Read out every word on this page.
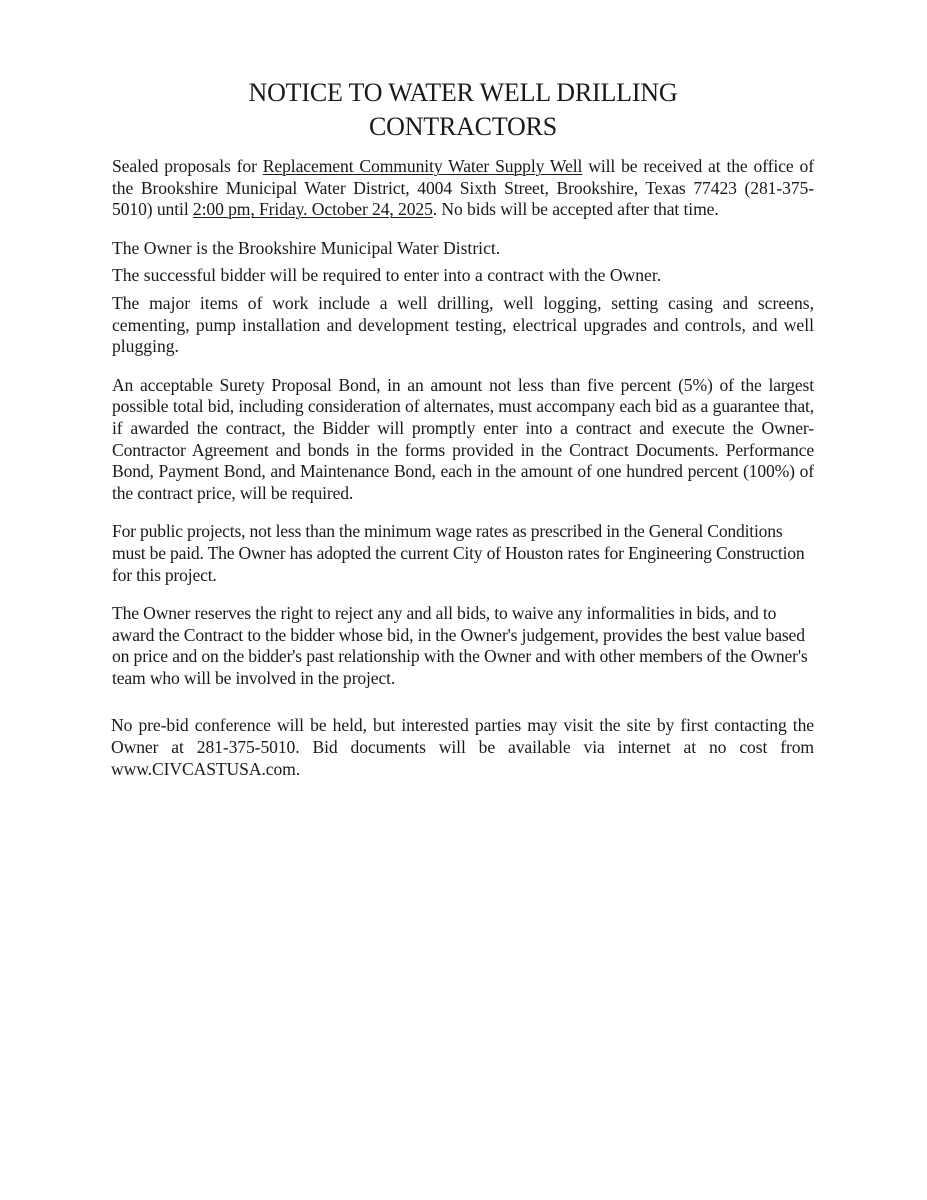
NOTICE TO WATER WELL DRILLING
CONTRACTORS

Sealed proposals for Replacement Community Water Supply Well will be received at the office of the Brookshire Municipal Water District, 4004 Sixth Street, Brookshire, Texas 77423 (281-375-5010) until 2:00 pm, Friday. October 24, 2025. No bids will be accepted after that time.

The Owner is the Brookshire Municipal Water District.

The successful bidder will be required to enter into a contract with the Owner.

The major items of work include a well drilling, well logging, setting casing and screens, cementing, pump installation and development testing, electrical upgrades and controls, and well plugging.

An acceptable Surety Proposal Bond, in an amount not less than five percent (5%) of the largest possible total bid, including consideration of alternates, must accompany each bid as a guarantee that, if awarded the contract, the Bidder will promptly enter into a contract and execute the Owner-Contractor Agreement and bonds in the forms provided in the Contract Documents. Performance Bond, Payment Bond, and Maintenance Bond, each in the amount of one hundred percent (100%) of the contract price, will be required.

For public projects, not less than the minimum wage rates as prescribed in the General Conditions must be paid. The Owner has adopted the current City of Houston rates for Engineering Construction for this project.

The Owner reserves the right to reject any and all bids, to waive any informalities in bids, and to award the Contract to the bidder whose bid, in the Owner's judgement, provides the best value based on price and on the bidder's past relationship with the Owner and with other members of the Owner's team who will be involved in the project.

No pre-bid conference will be held, but interested parties may visit the site by first contacting the Owner at 281-375-5010. Bid documents will be available via internet at no cost from www.CIVCASTUSA.com.
